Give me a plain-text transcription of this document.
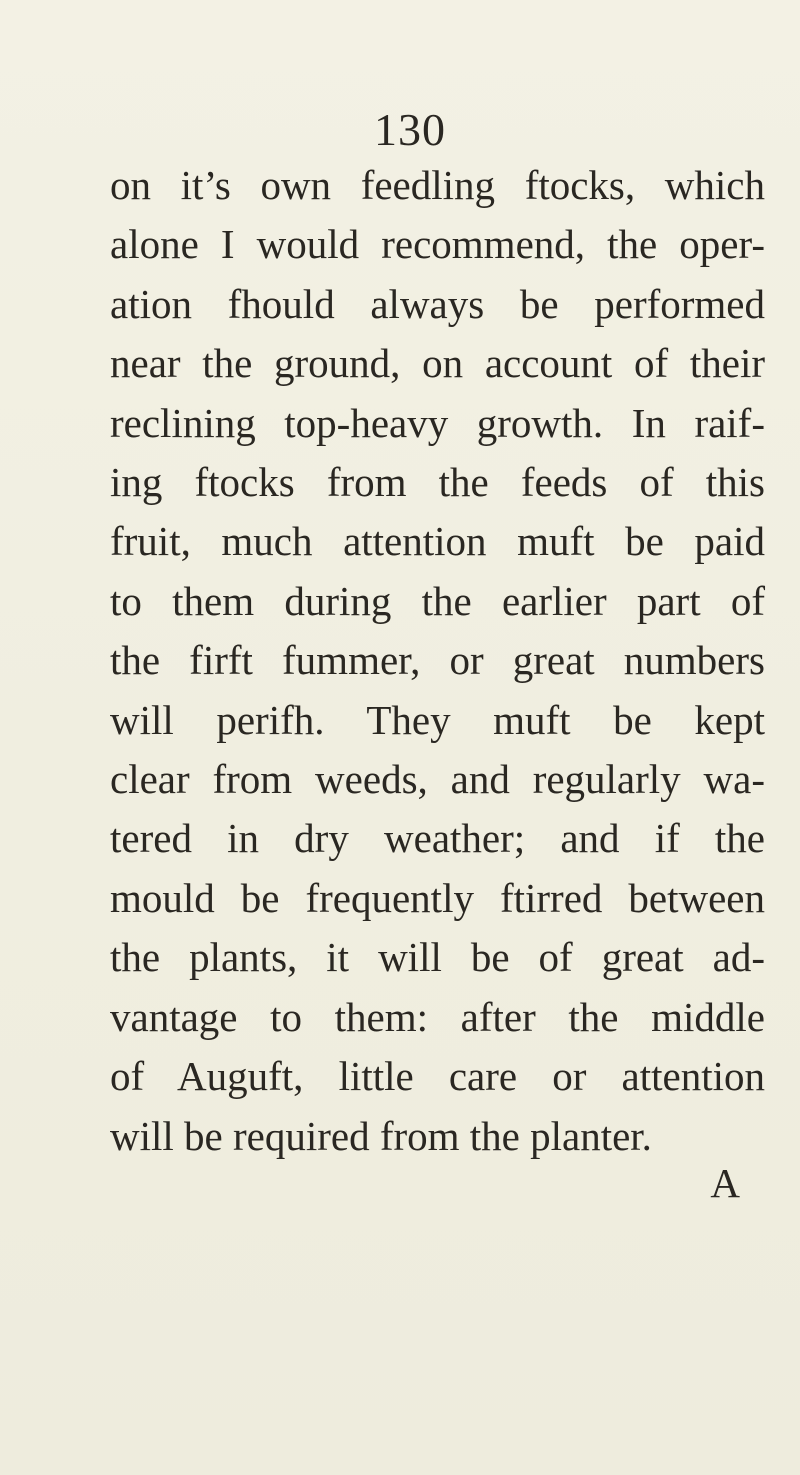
130
on it’s own feedling ftocks, which
alone I would recommend, the oper-
ation fhould always be performed
near the ground, on account of their
reclining top-heavy growth. In raif-
ing ftocks from the feeds of this
fruit, much attention muft be paid
to them during the earlier part of
the firft fummer, or great numbers
will perifh. They muft be kept
clear from weeds, and regularly wa-
tered in dry weather; and if the
mould be frequently ftirred between
the plants, it will be of great ad-
vantage to them: after the middle
of Auguft, little care or attention
will be required from the planter.
A
